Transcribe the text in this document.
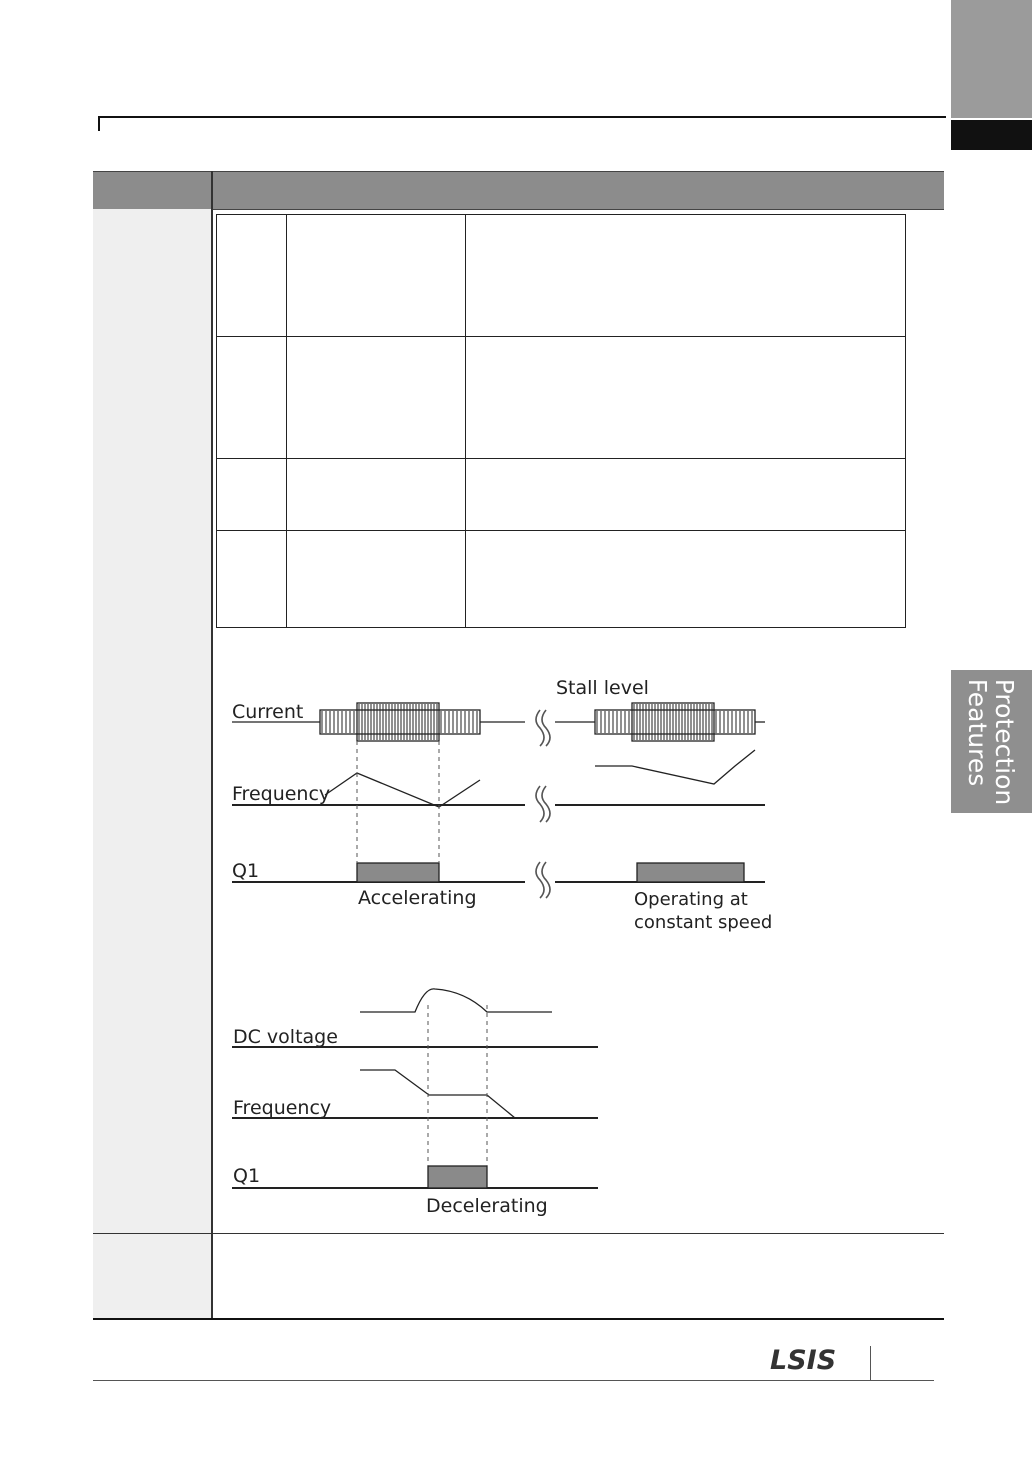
Protection
Features
Stall level
Current
Frequency
Q1
Accelerating	Operating at
constant speed
DC voltage
Frequency
Q1
Decelerating
LSIS
